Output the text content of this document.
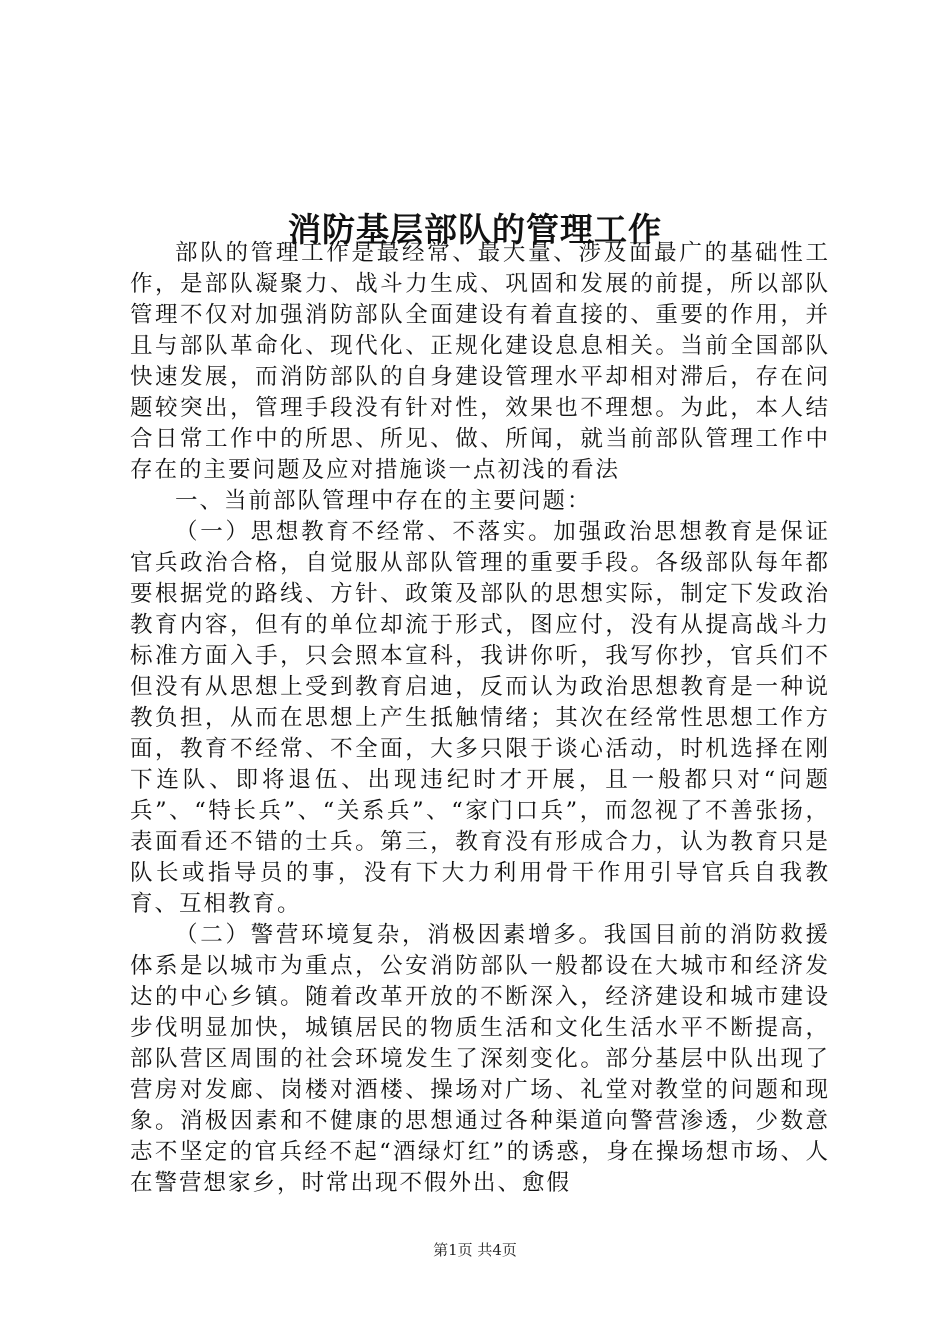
消防基层部队的管理工作

部队的管理工作是最经常、最大量、涉及面最广的基础性工作，是部队凝聚力、战斗力生成、巩固和发展的前提，所以部队管理不仅对加强消防部队全面建设有着直接的、重要的作用，并且与部队革命化、现代化、正规化建设息息相关。当前全国部队快速发展，而消防部队的自身建设管理水平却相对滞后，存在问题较突出，管理手段没有针对性，效果也不理想。为此，本人结合日常工作中的所思、所见、做、所闻，就当前部队管理工作中存在的主要问题及应对措施谈一点初浅的看法

一、当前部队管理中存在的主要问题：

（一）思想教育不经常、不落实。加强政治思想教育是保证官兵政治合格，自觉服从部队管理的重要手段。各级部队每年都要根据党的路线、方针、政策及部队的思想实际，制定下发政治教育内容，但有的单位却流于形式，图应付，没有从提高战斗力标准方面入手，只会照本宣科，我讲你听，我写你抄，官兵们不但没有从思想上受到教育启迪，反而认为政治思想教育是一种说教负担，从而在思想上产生抵触情绪；其次在经常性思想工作方面，教育不经常、不全面，大多只限于谈心活动，时机选择在刚下连队、即将退伍、出现违纪时才开展，且一般都只对“问题兵”、“特长兵”、“关系兵”、“家门口兵”，而忽视了不善张扬，表面看还不错的士兵。第三，教育没有形成合力，认为教育只是队长或指导员的事，没有下大力利用骨干作用引导官兵自我教育、互相教育。

（二）警营环境复杂，消极因素增多。我国目前的消防救援体系是以城市为重点，公安消防部队一般都设在大城市和经济发达的中心乡镇。随着改革开放的不断深入，经济建设和城市建设步伐明显加快，城镇居民的物质生活和文化生活水平不断提高，部队营区周围的社会环境发生了深刻变化。部分基层中队出现了营房对发廊、岗楼对酒楼、操场对广场、礼堂对教堂的问题和现象。消极因素和不健康的思想通过各种渠道向警营渗透，少数意志不坚定的官兵经不起“酒绿灯红”的诱惑，身在操场想市场、人在警营想家乡，时常出现不假外出、愈假

第1页 共4页
